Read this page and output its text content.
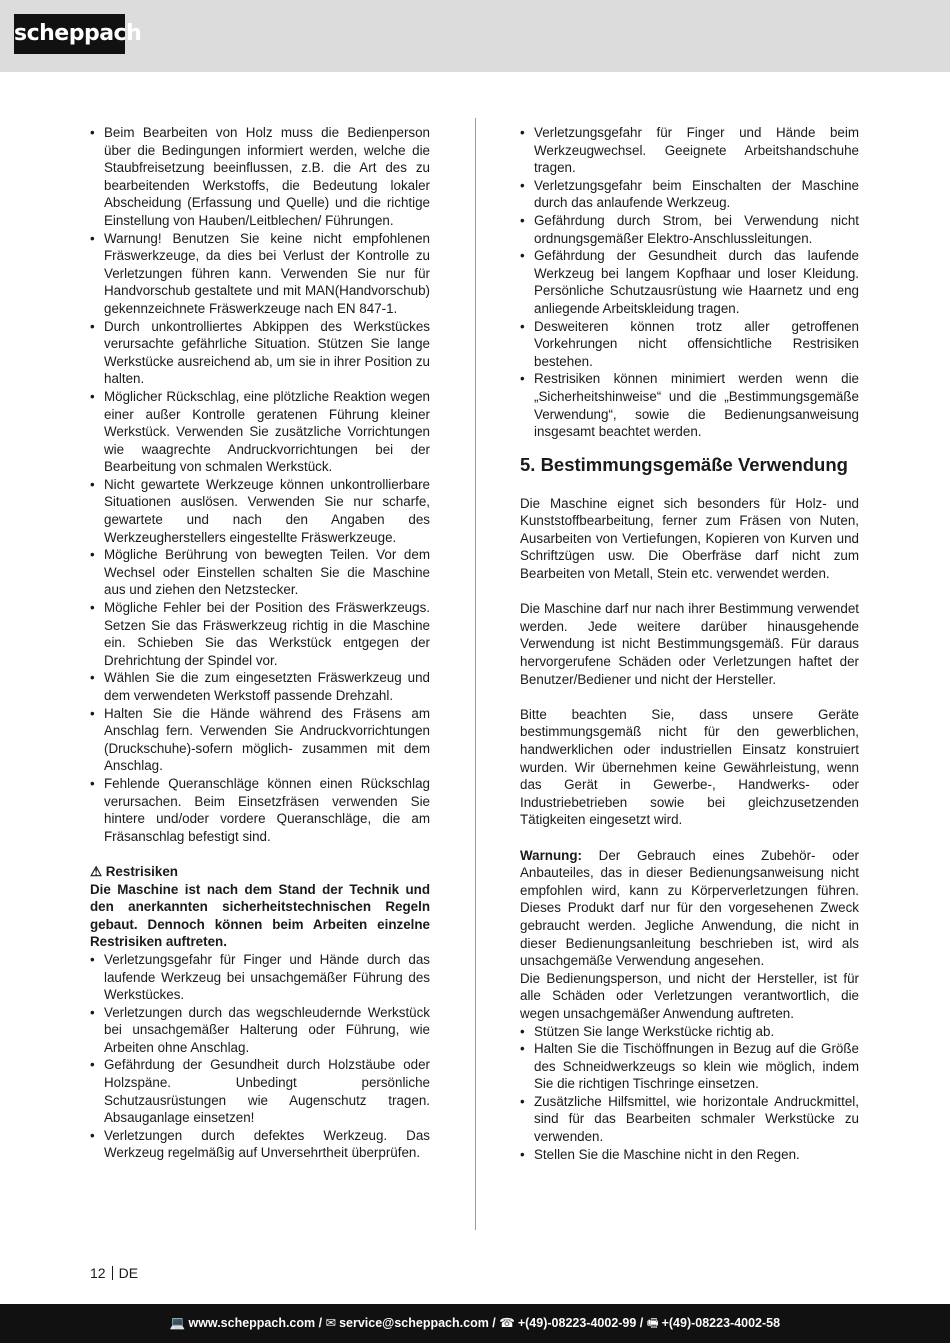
scheppach
• Beim Bearbeiten von Holz muss die Bedienperson über die Bedingungen informiert werden, welche die Staubfreisetzung beeinflussen, z.B. die Art des zu bearbeitenden Werkstoffs, die Bedeutung lokaler Abscheidung (Erfassung und Quelle) und die richtige Einstellung von Hauben/Leitblechen/ Führungen.
• Warnung! Benutzen Sie keine nicht empfohlenen Fräswerkzeuge, da dies bei Verlust der Kontrolle zu Verletzungen führen kann. Verwenden Sie nur für Handvorschub gestaltete und mit MAN(Handvorschub) gekennzeichnete Fräswerkzeuge nach EN 847-1.
• Durch unkontrolliertes Abkippen des Werkstückes verursachte gefährliche Situation. Stützen Sie lange Werkstücke ausreichend ab, um sie in ihrer Position zu halten.
• Möglicher Rückschlag, eine plötzliche Reaktion wegen einer außer Kontrolle geratenen Führung kleiner Werkstück. Verwenden Sie zusätzliche Vorrichtungen wie waagrechte Andruckvorrichtungen bei der Bearbeitung von schmalen Werkstück.
• Nicht gewartete Werkzeuge können unkontrollierbare Situationen auslösen. Verwenden Sie nur scharfe, gewartete und nach den Angaben des Werkzeugherstellers eingestellte Fräswerkzeuge.
• Mögliche Berührung von bewegten Teilen. Vor dem Wechsel oder Einstellen schalten Sie die Maschine aus und ziehen den Netzstecker.
• Mögliche Fehler bei der Position des Fräswerkzeugs. Setzen Sie das Fräswerkzeug richtig in die Maschine ein. Schieben Sie das Werkstück entgegen der Drehrichtung der Spindel vor.
• Wählen Sie die zum eingesetzten Fräswerkzeug und dem verwendeten Werkstoff passende Drehzahl.
• Halten Sie die Hände während des Fräsens am Anschlag fern. Verwenden Sie Andruckvorrichtungen (Druckschuhe)-sofern möglich- zusammen mit dem Anschlag.
• Fehlende Queranschläge können einen Rückschlag verursachen. Beim Einsetzfräsen verwenden Sie hintere und/oder vordere Queranschläge, die am Fräsanschlag befestigt sind.

⚠ Restrisiken

Die Maschine ist nach dem Stand der Technik und den anerkannten sicherheitstechnischen Regeln gebaut. Dennoch können beim Arbeiten einzelne Restrisiken auftreten.

• Verletzungsgefahr für Finger und Hände durch das laufende Werkzeug bei unsachgemäßer Führung des Werkstückes.
• Verletzungen durch das wegschleudernde Werkstück bei unsachgemäßer Halterung oder Führung, wie Arbeiten ohne Anschlag.
• Gefährdung der Gesundheit durch Holzstäube oder Holzspäne. Unbedingt persönliche Schutzausrüstungen wie Augenschutz tragen. Absauganlage einsetzen!
• Verletzungen durch defektes Werkzeug. Das Werkzeug regelmäßig auf Unversehrtheit überprüfen.
• Verletzungsgefahr für Finger und Hände beim Werkzeugwechsel. Geeignete Arbeitshandschuhe tragen.
• Verletzungsgefahr beim Einschalten der Maschine durch das anlaufende Werkzeug.
• Gefährdung durch Strom, bei Verwendung nicht ordnungsgemäßer Elektro-Anschlussleitungen.
• Gefährdung der Gesundheit durch das laufende Werkzeug bei langem Kopfhaar und loser Kleidung. Persönliche Schutzausrüstung wie Haarnetz und eng anliegende Arbeitskleidung tragen.
• Desweiteren können trotz aller getroffenen Vorkehrungen nicht offensichtliche Restrisiken bestehen.
• Restrisiken können minimiert werden wenn die „Sicherheitshinweise“ und die „Bestimmungsgemäße Verwendung“, sowie die Bedienungsanweisung insgesamt beachtet werden.
5. Bestimmungsgemäße Verwendung

Die Maschine eignet sich besonders für Holz- und Kunststoffbearbeitung, ferner zum Fräsen von Nuten, Ausarbeiten von Vertiefungen, Kopieren von Kurven und Schriftzügen usw. Die Oberfräse darf nicht zum Bearbeiten von Metall, Stein etc. verwendet werden.

Die Maschine darf nur nach ihrer Bestimmung verwendet werden. Jede weitere darüber hinausgehende Verwendung ist nicht Bestimmungsgemäß. Für daraus hervorgerufene Schäden oder Verletzungen haftet der Benutzer/Bediener und nicht der Hersteller.

Bitte beachten Sie, dass unsere Geräte bestimmungsgemäß nicht für den gewerblichen, handwerklichen oder industriellen Einsatz konstruiert wurden. Wir übernehmen keine Gewährleistung, wenn das Gerät in Gewerbe-, Handwerks- oder Industriebetrieben sowie bei gleichzusetzenden Tätigkeiten eingesetzt wird.

Warnung: Der Gebrauch eines Zubehör- oder Anbauteiles, das in dieser Bedienungsanweisung nicht empfohlen wird, kann zu Körperverletzungen führen. Dieses Produkt darf nur für den vorgesehenen Zweck gebraucht werden. Jegliche Anwendung, die nicht in dieser Bedienungsanleitung beschrieben ist, wird als unsachgemäße Verwendung angesehen.

Die Bedienungsperson, und nicht der Hersteller, ist für alle Schäden oder Verletzungen verantwortlich, die wegen unsachgemäßer Anwendung auftreten.

• Stützen Sie lange Werkstücke richtig ab.
• Halten Sie die Tischöffnungen in Bezug auf die Größe des Schneidwerkzeugs so klein wie möglich, indem Sie die richtigen Tischringe einsetzen.
• Zusätzliche Hilfsmittel, wie horizontale Andruckmittel, sind für das Bearbeiten schmaler Werkstücke zu verwenden.
• Stellen Sie die Maschine nicht in den Regen.
12 DE
💻 www.scheppach.com / ✉ service@scheppach.com / ☎ +(49)-08223-4002-99 / 🖷 +(49)-08223-4002-58
